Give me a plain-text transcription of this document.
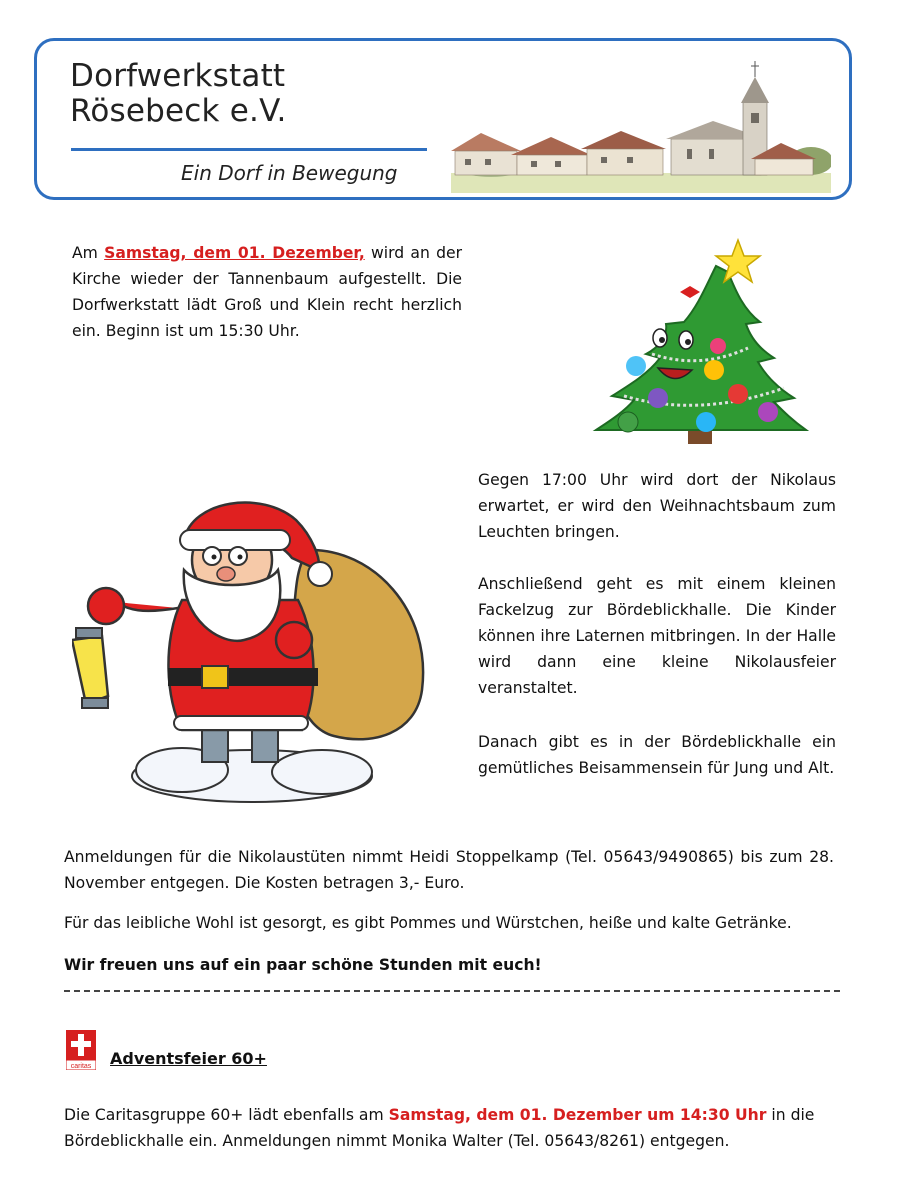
Dorfwerkstatt
Rösebeck e.V.
Ein Dorf in Bewegung

Am Samstag, dem 01. Dezember, wird an der Kirche wieder der Tannenbaum aufgestellt. Die Dorfwerkstatt lädt Groß und Klein recht herzlich ein. Beginn ist um 15:30 Uhr.

Gegen 17:00 Uhr wird dort der Nikolaus erwartet, er wird den Weihnachtsbaum zum Leuchten bringen.

Anschließend geht es mit einem kleinen Fackelzug zur Bördeblickhalle. Die Kinder können ihre Laternen mitbringen. In der Halle wird dann eine kleine Nikolausfeier veranstaltet.

Danach gibt es in der Bördeblickhalle ein gemütliches Beisammensein für Jung und Alt.

Anmeldungen für die Nikolaustüten nimmt Heidi Stoppelkamp (Tel. 05643/9490865) bis zum 28. November entgegen. Die Kosten betragen 3,- Euro.

Für das leibliche Wohl ist gesorgt, es gibt Pommes und Würstchen, heiße und kalte Getränke.

Wir freuen uns auf ein paar schöne Stunden mit euch!

caritas Adventsfeier 60+

Die Caritasgruppe 60+ lädt ebenfalls am Samstag, dem 01. Dezember um 14:30 Uhr in die Bördeblickhalle ein. Anmeldungen nimmt Monika Walter (Tel. 05643/8261) entgegen.
